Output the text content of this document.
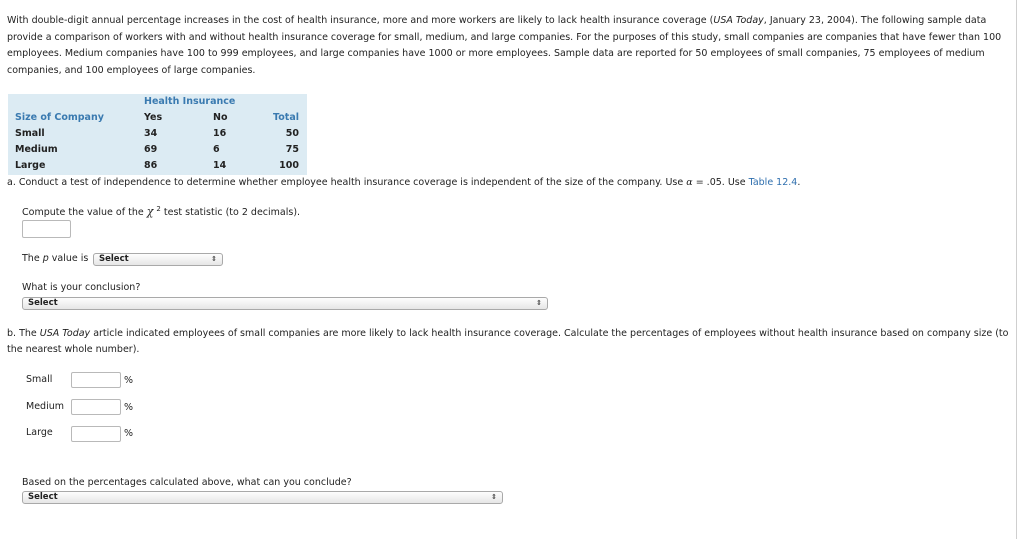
With double-digit annual percentage increases in the cost of health insurance, more and more workers are likely to lack health insurance coverage (USA Today, January 23, 2004). The following sample data provide a comparison of workers with and without health insurance coverage for small, medium, and large companies. For the purposes of this study, small companies are companies that have fewer than 100 employees. Medium companies have 100 to 999 employees, and large companies have 1000 or more employees. Sample data are reported for 50 employees of small companies, 75 employees of medium companies, and 100 employees of large companies.
Health Insurance
Size of Company	Yes	No	Total
Small	34	16	50
Medium	69	6	75
Large	86	14	100
a. Conduct a test of independence to determine whether employee health insurance coverage is independent of the size of the company. Use α = .05. Use Table 12.4.
Compute the value of the χ $^2$ test statistic (to 2 decimals).
The p value is	Select	⇕
What is your conclusion?
Select	⇕
b. The USA Today article indicated employees of small companies are more likely to lack health insurance coverage. Calculate the percentages of employees without health insurance based on company size (to the nearest whole number).
Small	%
Medium	%
Large	%
Based on the percentages calculated above, what can you conclude?
Select	⇕
